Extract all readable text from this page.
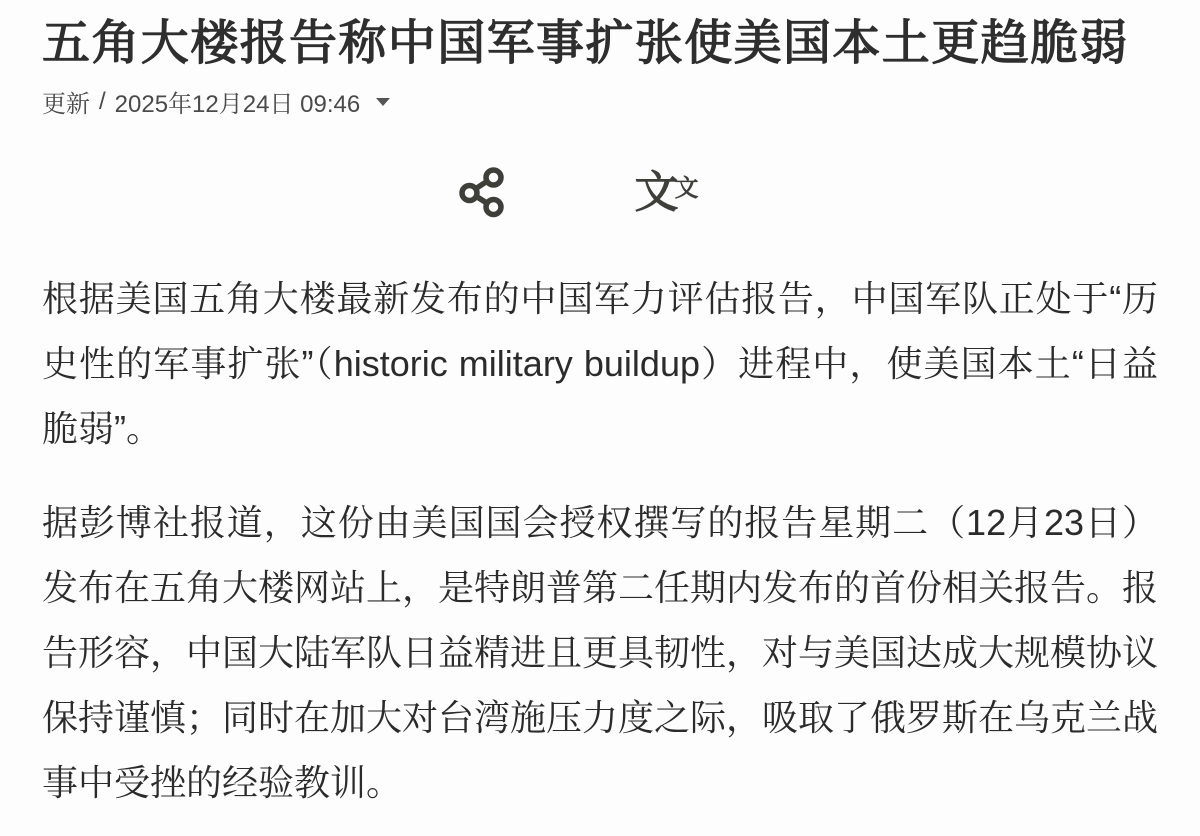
五角大楼报告称中国军事扩张使美国本土更趋脆弱
更新 / 2025年12月24日 09:46
文
文

根据美国五角大楼最新发布的中国军力评估报告，中国军队正处于“历史性的军事扩张”（historic military buildup）进程中，使美国本土“日益脆弱”。

据彭博社报道，这份由美国国会授权撰写的报告星期二（12月23日）发布在五角大楼网站上，是特朗普第二任期内发布的首份相关报告。报告形容，中国大陆军队日益精进且更具韧性，对与美国达成大规模协议保持谨慎；同时在加大对台湾施压力度之际，吸取了俄罗斯在乌克兰战事中受挫的经验教训。
